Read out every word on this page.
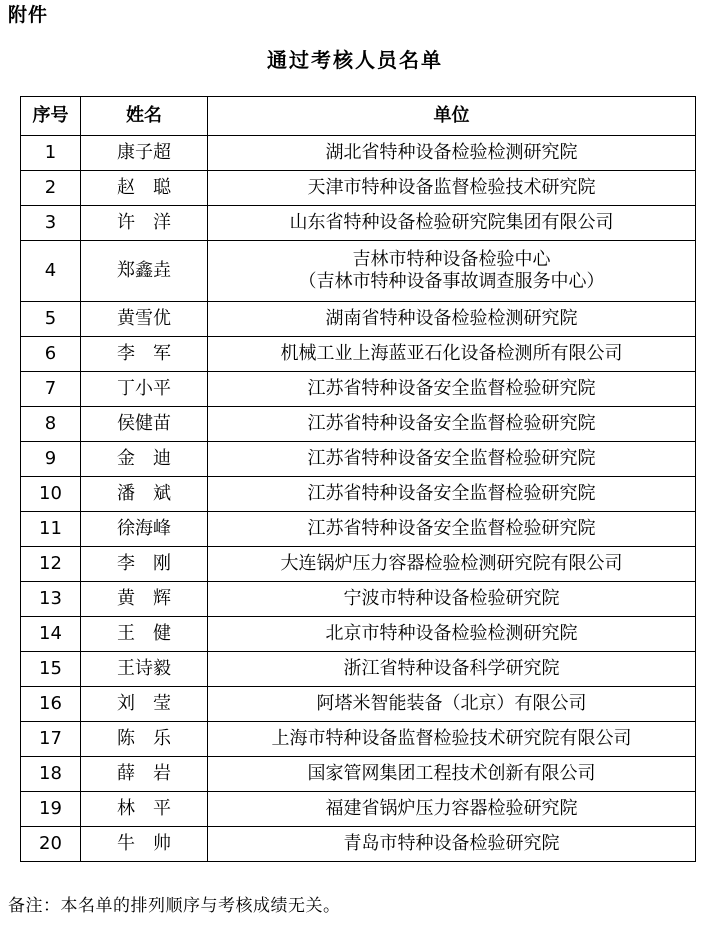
附件
通过考核人员名单
序号	姓名	单位
1	康子超	湖北省特种设备检验检测研究院

2	赵　聪	天津市特种设备监督检验技术研究院

3	许　洋	山东省特种设备检验研究院集团有限公司

4	郑鑫垚	吉林市特种设备检验中心
（吉林市特种设备事故调查服务中心）

5	黄雪优	湖南省特种设备检验检测研究院

6	李　军	机械工业上海蓝亚石化设备检测所有限公司

7	丁小平	江苏省特种设备安全监督检验研究院

8	侯健苗	江苏省特种设备安全监督检验研究院

9	金　迪	江苏省特种设备安全监督检验研究院

10	潘　斌	江苏省特种设备安全监督检验研究院

11	徐海峰	江苏省特种设备安全监督检验研究院

12	李　刚	大连锅炉压力容器检验检测研究院有限公司

13	黄　辉	宁波市特种设备检验研究院

14	王　健	北京市特种设备检验检测研究院

15	王诗毅	浙江省特种设备科学研究院

16	刘　莹	阿塔米智能装备（北京）有限公司

17	陈　乐	上海市特种设备监督检验技术研究院有限公司

18	薛　岩	国家管网集团工程技术创新有限公司

19	林　平	福建省锅炉压力容器检验研究院

20	牛　帅	青岛市特种设备检验研究院
备注：本名单的排列顺序与考核成绩无关。
